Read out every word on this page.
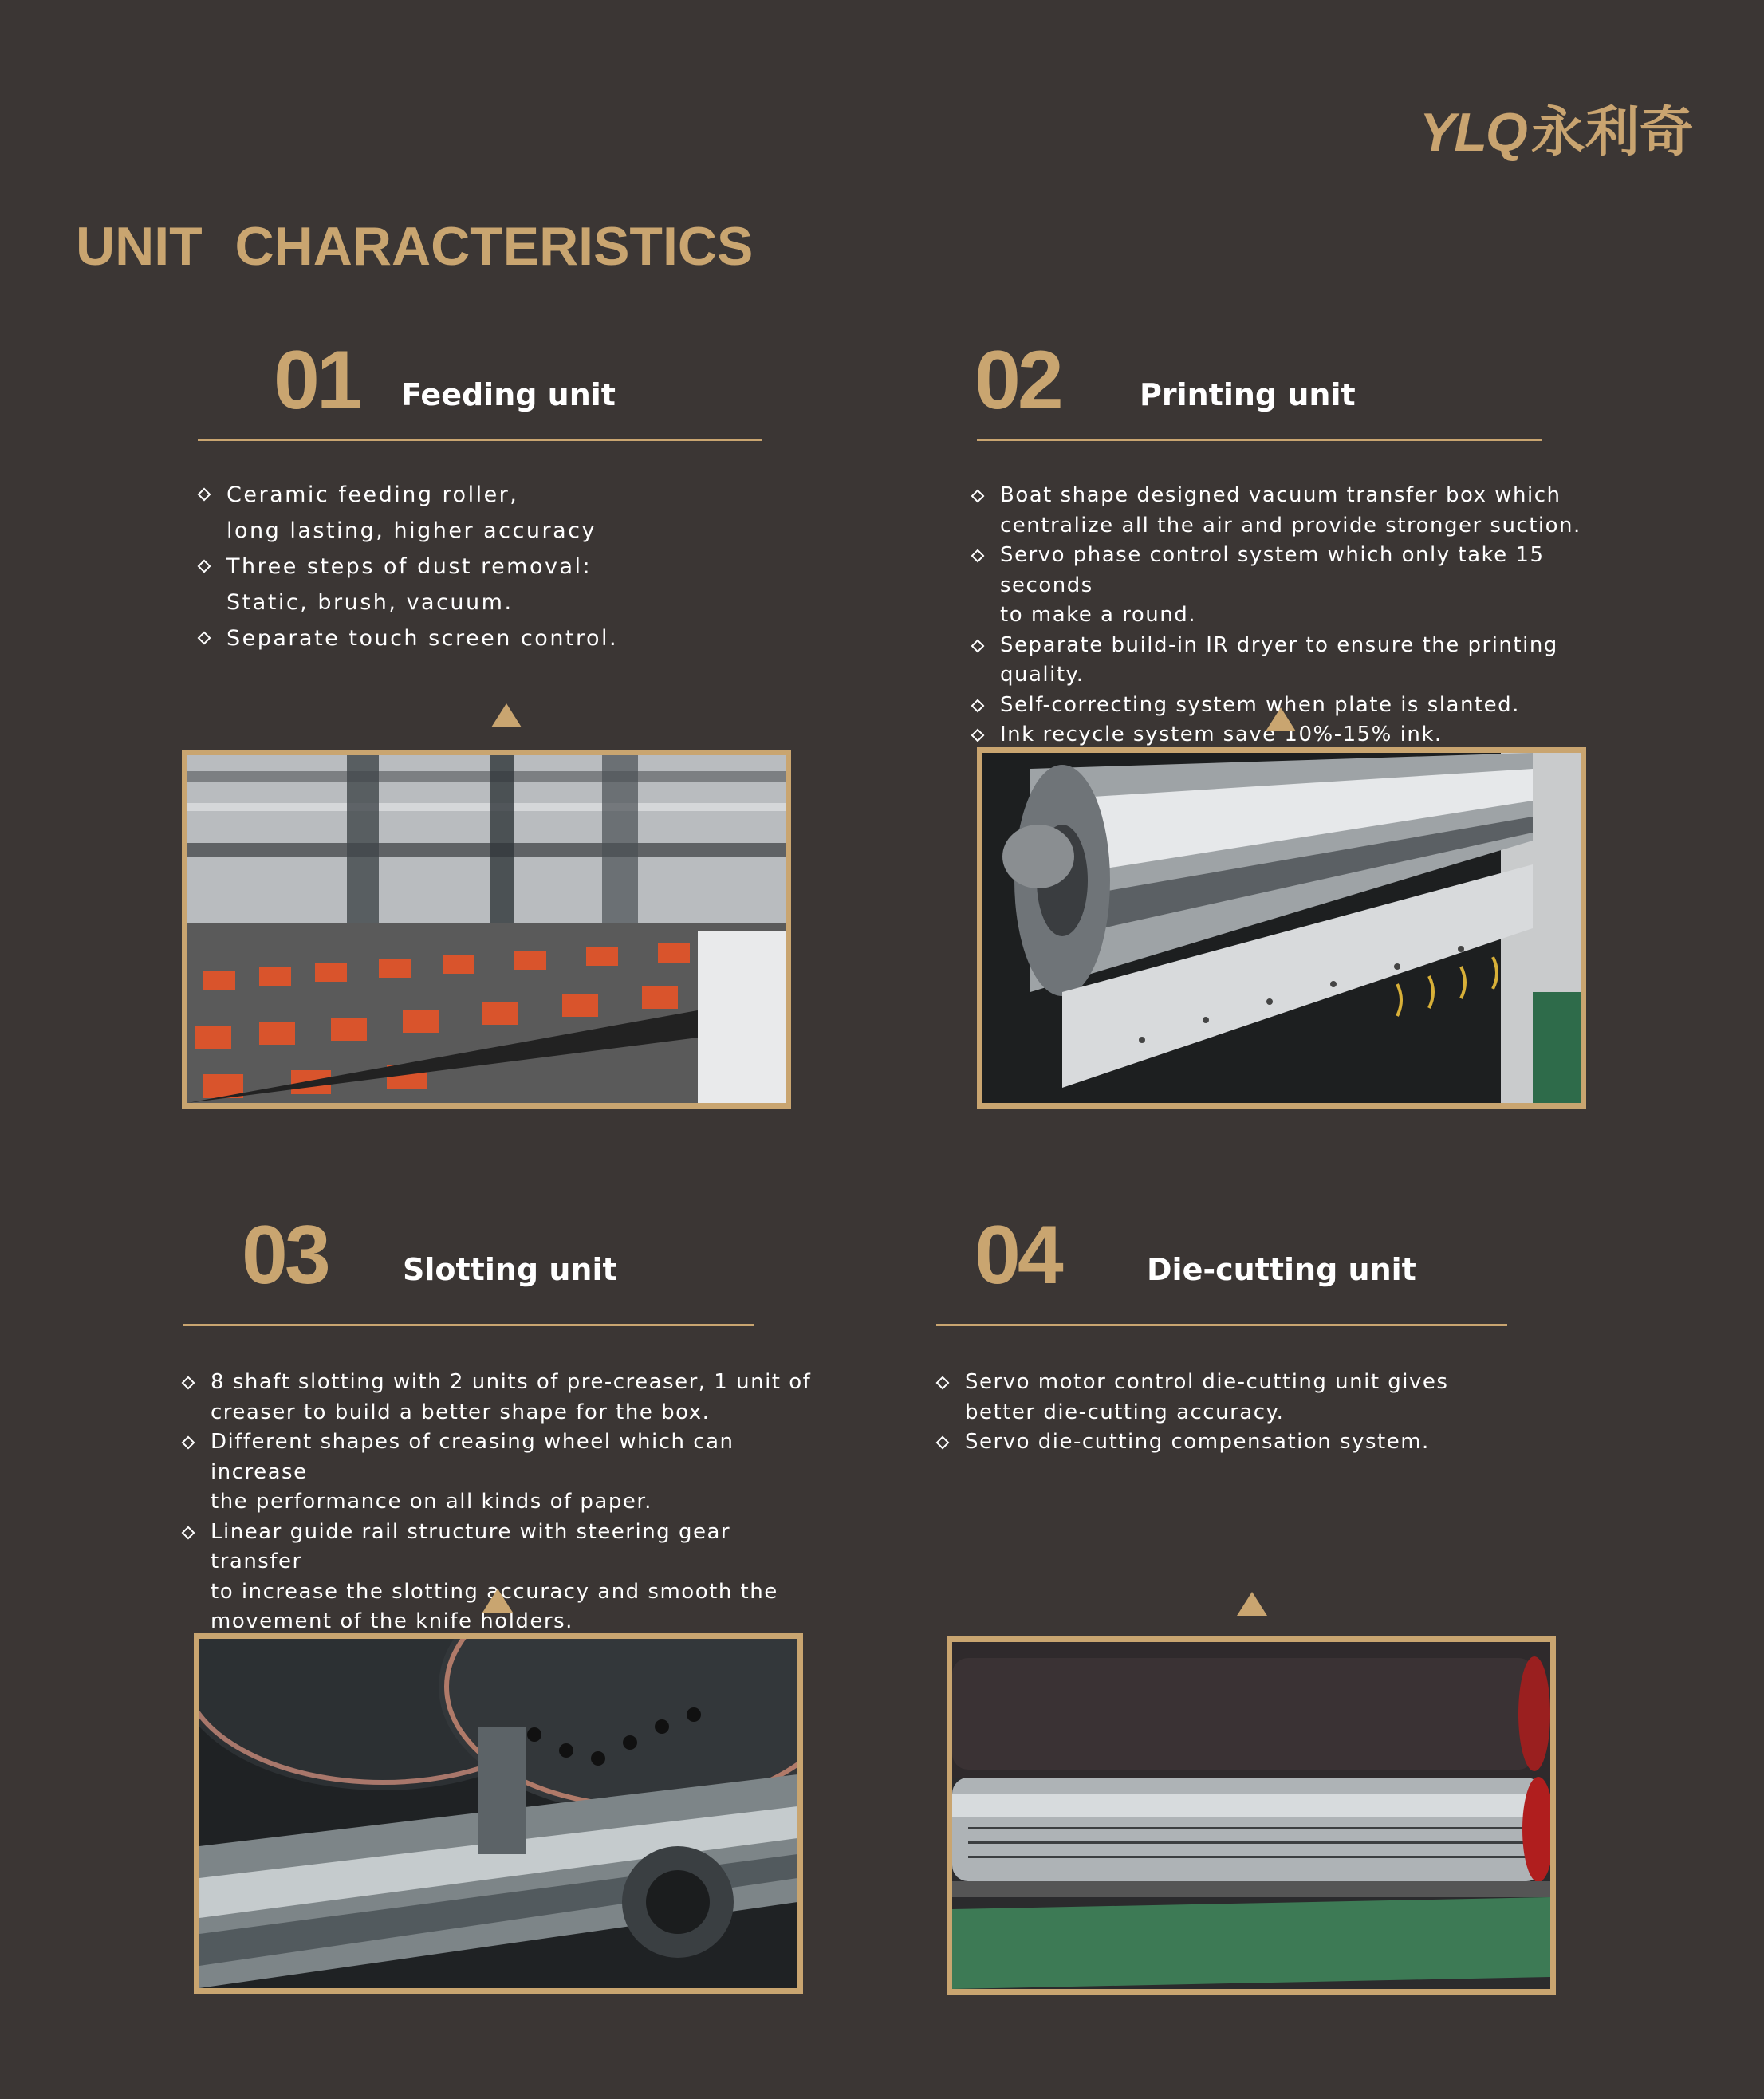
YLQ永利奇
UNIT CHARACTERISTICS
01 Feeding unit
Ceramic feeding roller,
long lasting, higher accuracy
Three steps of dust removal:
Static, brush, vacuum.
Separate touch screen control.
02	Printing unit
Boat shape designed vacuum transfer box which
centralize all the air and provide stronger suction.
Servo phase control system which only take 15 seconds
to make a round.
Separate build-in IR dryer to ensure the printing quality.
Self-correcting system when plate is slanted.
Ink recycle system save 10%-15% ink.
03 Slotting unit
8 shaft slotting with 2 units of pre-creaser, 1 unit of
creaser to build a better shape for the box.
Different shapes of creasing wheel which can increase
the performance on all kinds of paper.
Linear guide rail structure with steering gear transfer
to increase the slotting accuracy and smooth the
movement of the knife holders.
04	Die-cutting unit
Servo motor control die-cutting unit gives
better die-cutting accuracy.
Servo die-cutting compensation system.
